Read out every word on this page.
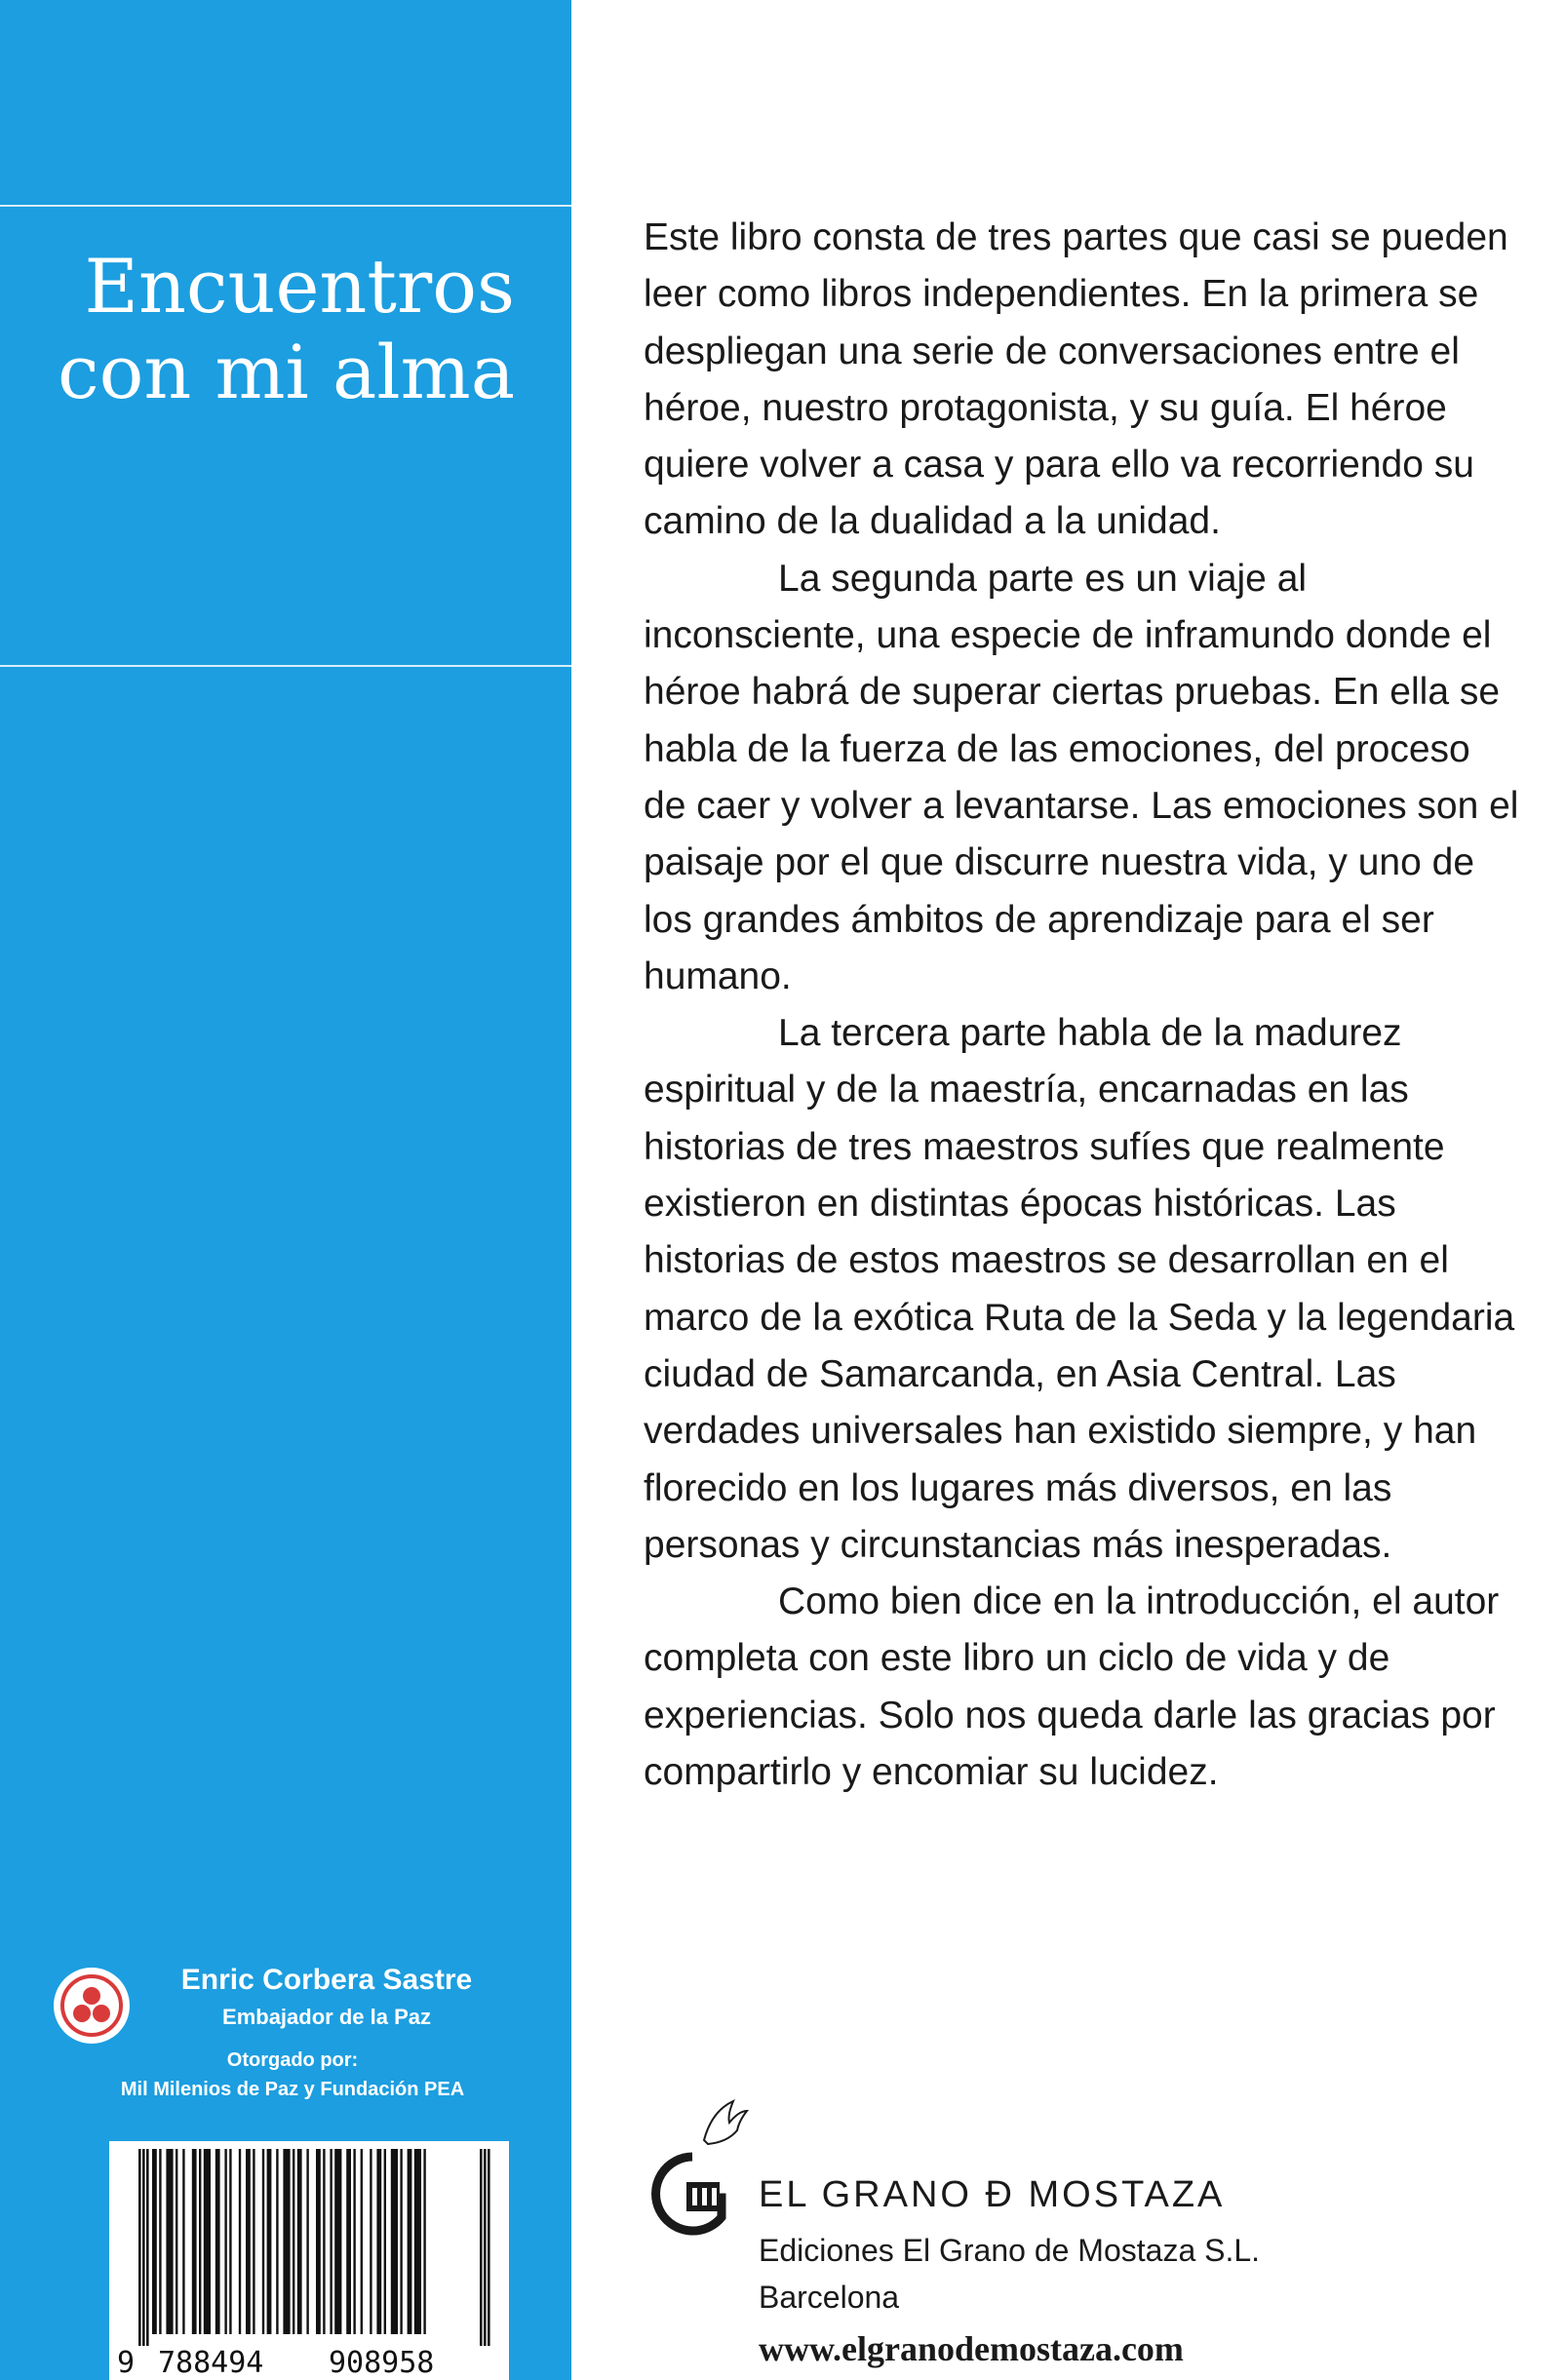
Encuentros
con mi alma
Enric Corbera Sastre
Embajador de la Paz
Otorgado por:
Mil Milenios de Paz y Fundación PEA
9 788494 908958

Este libro consta de tres partes que casi se pueden leer como libros independientes. En la primera se despliegan una serie de conversaciones entre el héroe, nuestro protagonista, y su guía. El héroe quiere volver a casa y para ello va recorriendo su camino de la dualidad a la unidad.

La segunda parte es un viaje al inconsciente, una especie de inframundo donde el héroe habrá de superar ciertas pruebas. En ella se habla de la fuerza de las emociones, del proceso de caer y volver a levantarse. Las emociones son el paisaje por el que discurre nuestra vida, y uno de los grandes ámbitos de aprendizaje para el ser humano.

La tercera parte habla de la madurez espiritual y de la maestría, encarnadas en las historias de tres maestros sufíes que realmente existieron en distintas épocas históricas. Las historias de estos maestros se desarrollan en el marco de la exótica Ruta de la Seda y la legendaria ciudad de Samarcanda, en Asia Central. Las verdades universales han existido siempre, y han florecido en los lugares más diversos, en las personas y circunstancias más inesperadas.

Como bien dice en la introducción, el autor completa con este libro un ciclo de vida y de experiencias. Solo nos queda darle las gracias por compartirlo y encomiar su lucidez.

EL GRANO Ð MOSTAZA
Ediciones El Grano de Mostaza S.L.
Barcelona
www.elgranodemostaza.com
